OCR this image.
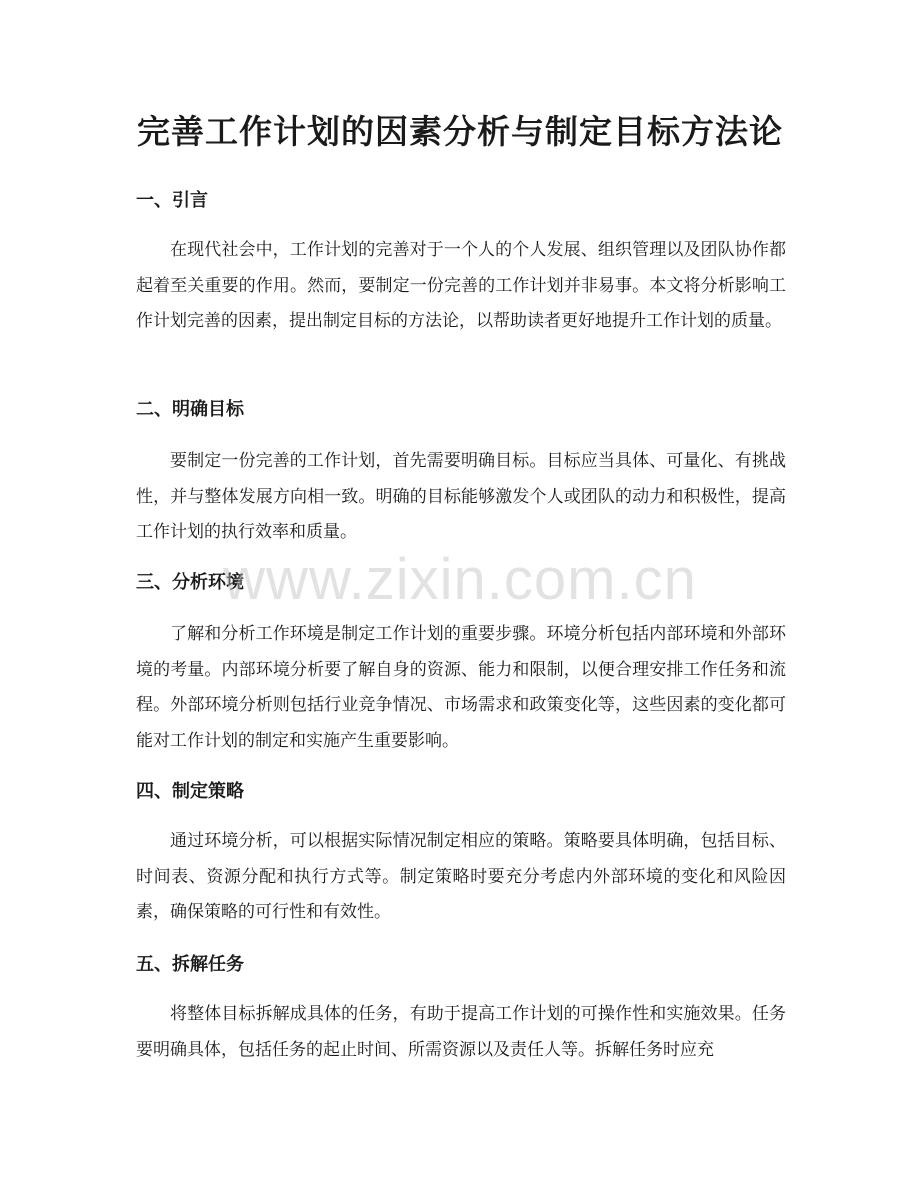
完善工作计划的因素分析与制定目标方法论
一、引言

在现代社会中，工作计划的完善对于一个人的个人发展、组织管理以及团队协作都起着至关重要的作用。然而，要制定一份完善的工作计划并非易事。本文将分析影响工作计划完善的因素，提出制定目标的方法论，以帮助读者更好地提升工作计划的质量。

二、明确目标

要制定一份完善的工作计划，首先需要明确目标。目标应当具体、可量化、有挑战性，并与整体发展方向相一致。明确的目标能够激发个人或团队的动力和积极性，提高工作计划的执行效率和质量。

三、分析环境

了解和分析工作环境是制定工作计划的重要步骤。环境分析包括内部环境和外部环境的考量。内部环境分析要了解自身的资源、能力和限制，以便合理安排工作任务和流程。外部环境分析则包括行业竞争情况、市场需求和政策变化等，这些因素的变化都可能对工作计划的制定和实施产生重要影响。

四、制定策略

通过环境分析，可以根据实际情况制定相应的策略。策略要具体明确，包括目标、时间表、资源分配和执行方式等。制定策略时要充分考虑内外部环境的变化和风险因素，确保策略的可行性和有效性。

五、拆解任务

将整体目标拆解成具体的任务，有助于提高工作计划的可操作性和实施效果。任务要明确具体，包括任务的起止时间、所需资源以及责任人等。拆解任务时应充

www.zixin.com.cn
